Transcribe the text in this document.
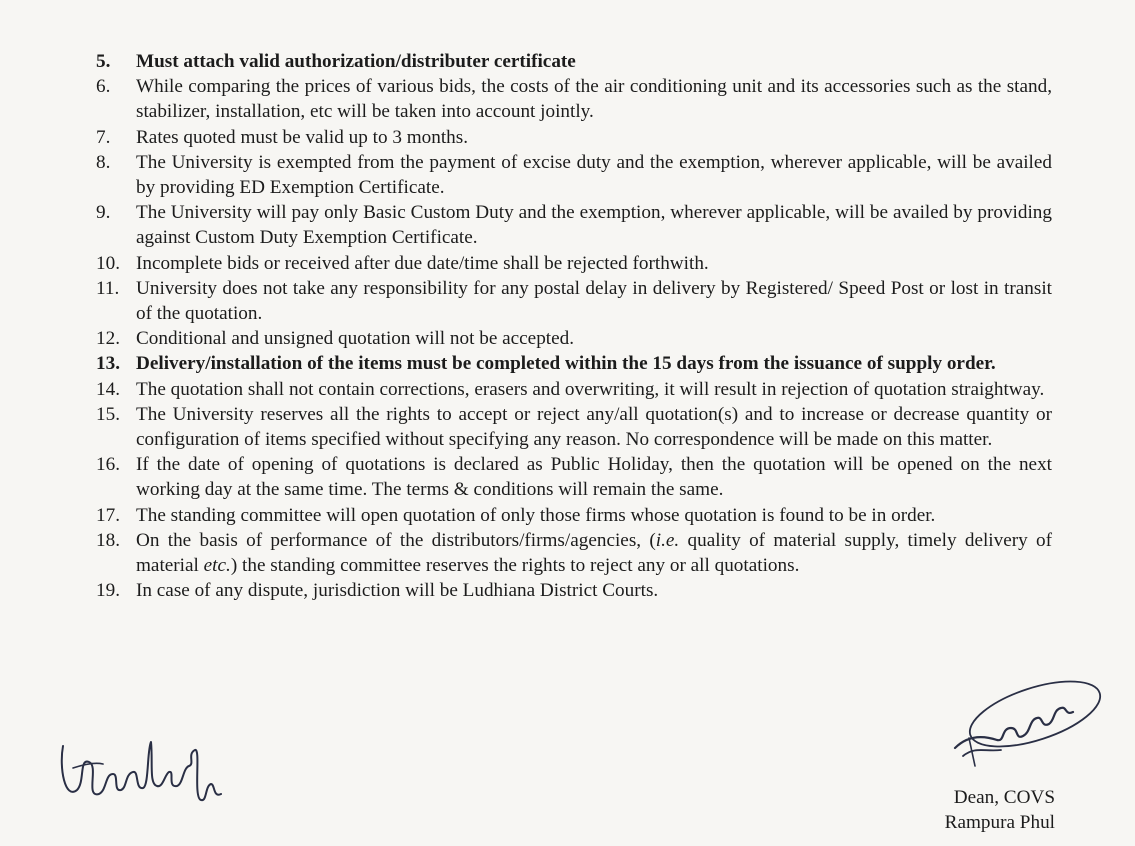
5.	Must attach valid authorization/distributer certificate
6.	While comparing the prices of various bids, the costs of the air conditioning unit and its accessories such as the stand, stabilizer, installation, etc will be taken into account jointly.
7.	Rates quoted must be valid up to 3 months.
8.	The University is exempted from the payment of excise duty and the exemption, wherever applicable, will be availed by providing ED Exemption Certificate.
9.	The University will pay only Basic Custom Duty and the exemption, wherever applicable, will be availed by providing against Custom Duty Exemption Certificate.
10. Incomplete bids or received after due date/time shall be rejected forthwith.
11. University does not take any responsibility for any postal delay in delivery by Registered/ Speed Post or lost in transit of the quotation.
12. Conditional and unsigned quotation will not be accepted.
13. Delivery/installation of the items must be completed within the 15 days from the issuance of supply order.
14. The quotation shall not contain corrections, erasers and overwriting, it will result in rejection of quotation straightway.
15. The University reserves all the rights to accept or reject any/all quotation(s) and to increase or decrease quantity or configuration of items specified without specifying any reason. No correspondence will be made on this matter.
16. If the date of opening of quotations is declared as Public Holiday, then the quotation will be opened on the next working day at the same time. The terms & conditions will remain the same.
17. The standing committee will open quotation of only those firms whose quotation is found to be in order.
18. On the basis of performance of the distributors/firms/agencies, (i.e. quality of material supply, timely delivery of material etc.) the standing committee reserves the rights to reject any or all quotations.
19. In case of any dispute, jurisdiction will be Ludhiana District Courts.
Dean, COVS
Rampura Phul
